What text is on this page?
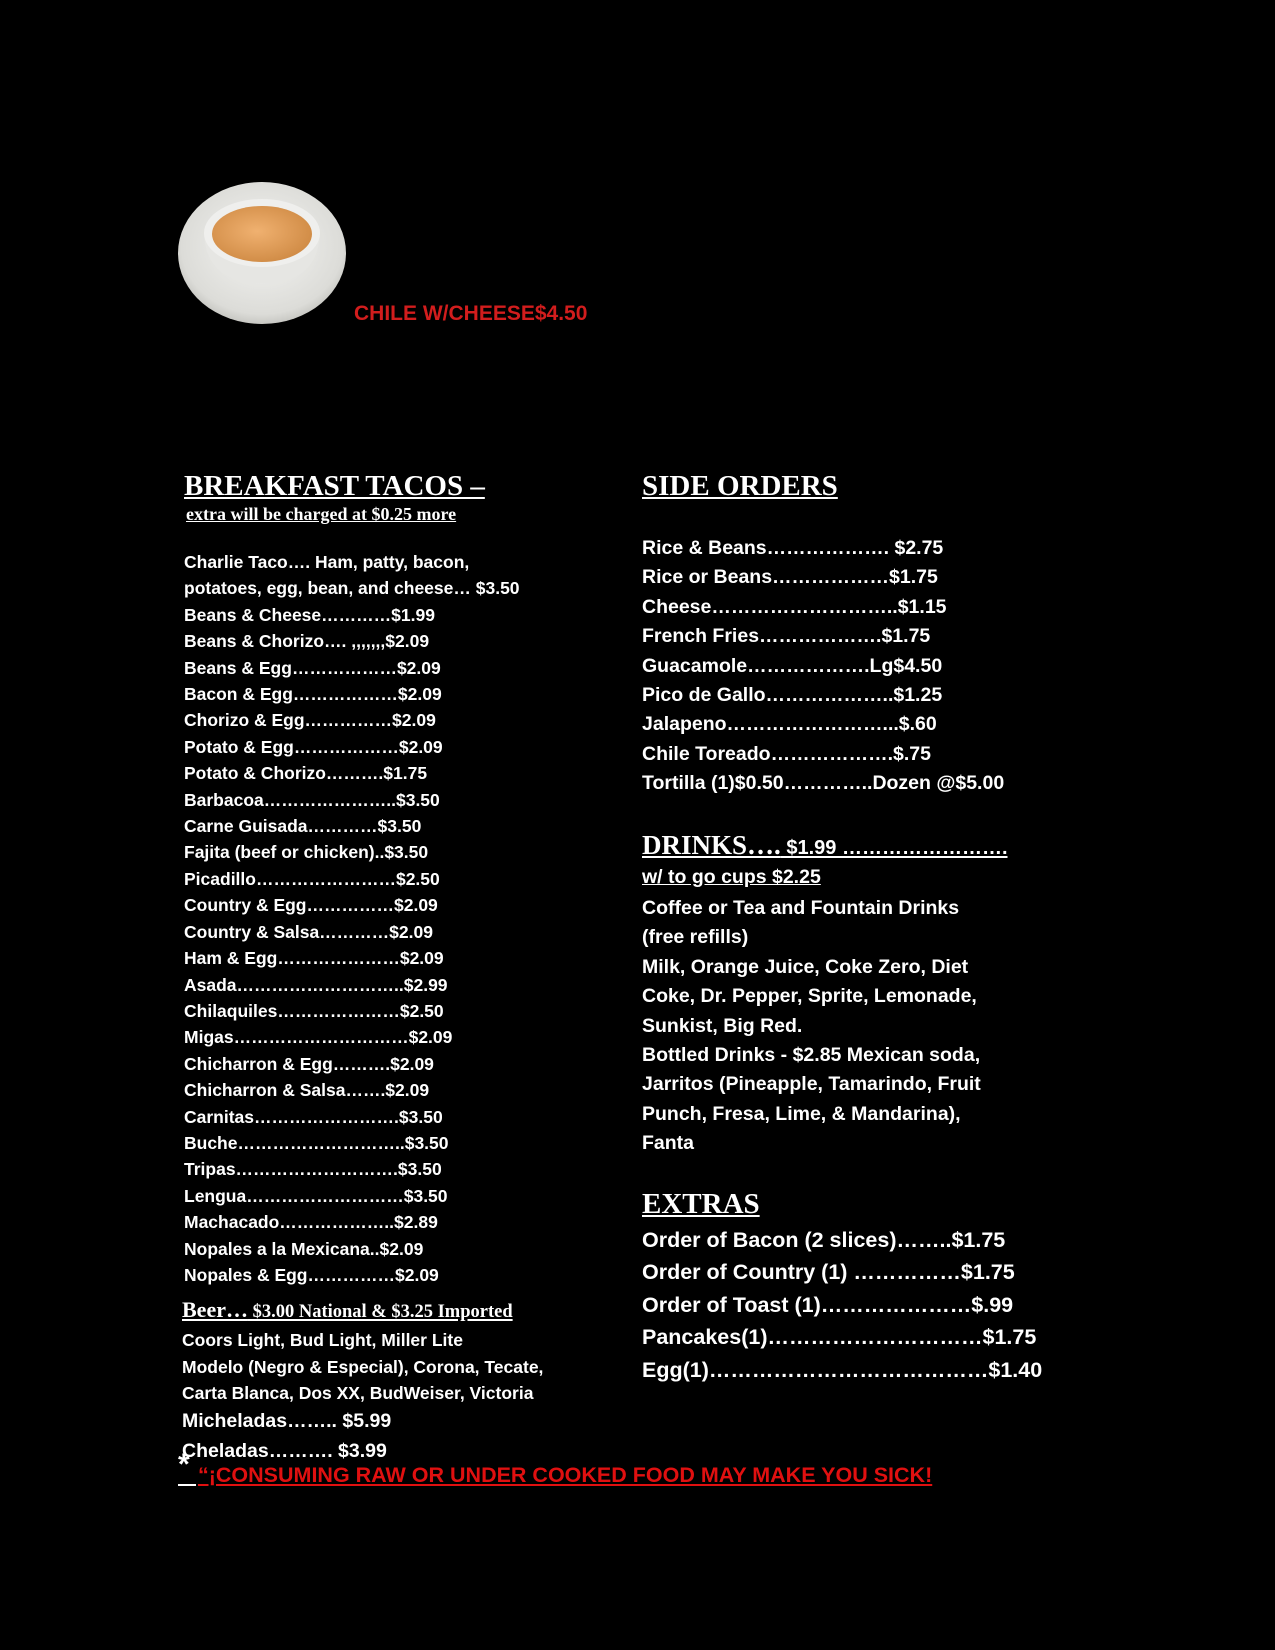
CHILE W/CHEESE$4.50
BREAKFAST TACOS –
extra will be charged at $0.25 more
Charlie Taco…. Ham, patty, bacon,
potatoes, egg, bean, and cheese… $3.50
Beans & Cheese…………$1.99
Beans & Chorizo…. ,,,,,,,$2.09
Beans & Egg………………$2.09
Bacon & Egg………………$2.09
Chorizo & Egg……………$2.09
Potato & Egg………………$2.09
Potato & Chorizo……….$1.75
Barbacoa…………………..$3.50
Carne Guisada…………$3.50
Fajita (beef or chicken)..$3.50
Picadillo……………………$2.50
Country & Egg……………$2.09
Country & Salsa…………$2.09
Ham & Egg…………………$2.09
Asada………………………..$2.99
Chilaquiles…………………$2.50
Migas…………………………$2.09
Chicharron & Egg……….$2.09
Chicharron & Salsa…….$2.09
Carnitas…………………….$3.50
Buche………………………..$3.50
Tripas……………………….$3.50
Lengua………………………$3.50
Machacado………………..$2.89
Nopales a la Mexicana..$2.09
Nopales & Egg……………$2.09
Beer… $3.00 National & $3.25 Imported
Coors Light, Bud Light, Miller Lite
Modelo (Negro & Especial), Corona, Tecate,
Carta Blanca, Dos XX, BudWeiser, Victoria
Micheladas…….. $5.99
Cheladas………. $3.99
SIDE ORDERS
Rice & Beans………………. $2.75
Rice or Beans………………$1.75
Cheese………………………..$1.15
French Fries……………….$1.75
Guacamole……………….Lg$4.50
Pico de Gallo………………..$1.25
Jalapeno……………………...$.60
Chile Toreado……………….$.75
Tortilla (1)$0.50…………..Dozen @$5.00
DRINKS…. $1.99 …………………….
w/ to go cups $2.25
Coffee or Tea and Fountain Drinks
(free refills)
Milk, Orange Juice, Coke Zero, Diet
Coke, Dr. Pepper, Sprite, Lemonade,
Sunkist, Big Red.
Bottled Drinks - $2.85 Mexican soda,
Jarritos (Pineapple, Tamarindo, Fruit
Punch, Fresa, Lime, & Mandarina),
Fanta
EXTRAS
Order of Bacon (2 slices)……..$1.75
Order of Country (1) ……………$1.75
Order of Toast (1)…………………$.99
Pancakes(1)…………………………$1.75
Egg(1)…………………………………$1.40
* “¡CONSUMING RAW OR UNDER COOKED FOOD MAY MAKE YOU SICK!
